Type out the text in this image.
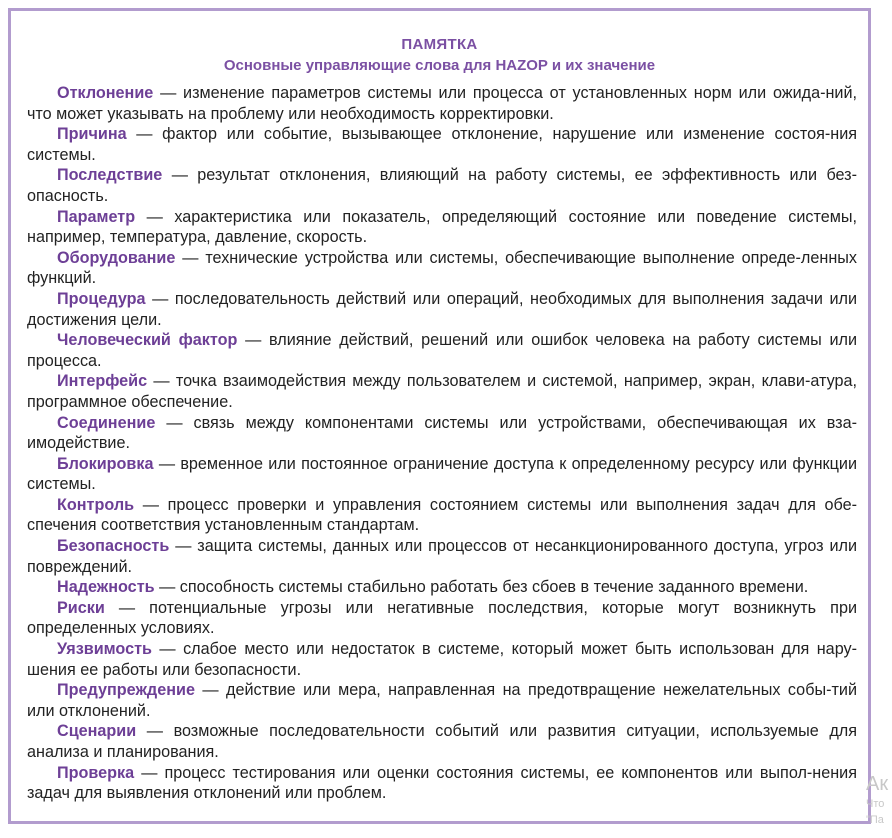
ПАМЯТКА
Основные управляющие слова для HAZOP и их значение

Отклонение — изменение параметров системы или процесса от установленных норм или ожида-ний, что может указывать на проблему или необходимость корректировки.

Причина — фактор или событие, вызывающее отклонение, нарушение или изменение состоя-ния системы.

Последствие — результат отклонения, влияющий на работу системы, ее эффективность или без-опасность.

Параметр — характеристика или показатель, определяющий состояние или поведение системы, например, температура, давление, скорость.

Оборудование — технические устройства или системы, обеспечивающие выполнение опреде-ленных функций.

Процедура — последовательность действий или операций, необходимых для выполнения задачи или достижения цели.

Человеческий фактор — влияние действий, решений или ошибок человека на работу системы или процесса.

Интерфейс — точка взаимодействия между пользователем и системой, например, экран, клави-атура, программное обеспечение.

Соединение — связь между компонентами системы или устройствами, обеспечивающая их вза-имодействие.

Блокировка — временное или постоянное ограничение доступа к определенному ресурсу или функции системы.

Контроль — процесс проверки и управления состоянием системы или выполнения задач для обе-спечения соответствия установленным стандартам.

Безопасность — защита системы, данных или процессов от несанкционированного доступа, угроз или повреждений.

Надежность — способность системы стабильно работать без сбоев в течение заданного времени.

Риски — потенциальные угрозы или негативные последствия, которые могут возникнуть при определенных условиях.

Уязвимость — слабое место или недостаток в системе, который может быть использован для нару-шения ее работы или безопасности.

Предупреждение — действие или мера, направленная на предотвращение нежелательных собы-тий или отклонений.

Сценарии — возможные последовательности событий или развития ситуации, используемые для анализа и планирования.

Проверка — процесс тестирования или оценки состояния системы, ее компонентов или выпол-нения задач для выявления отклонений или проблем.	Ак
Что
"Па
